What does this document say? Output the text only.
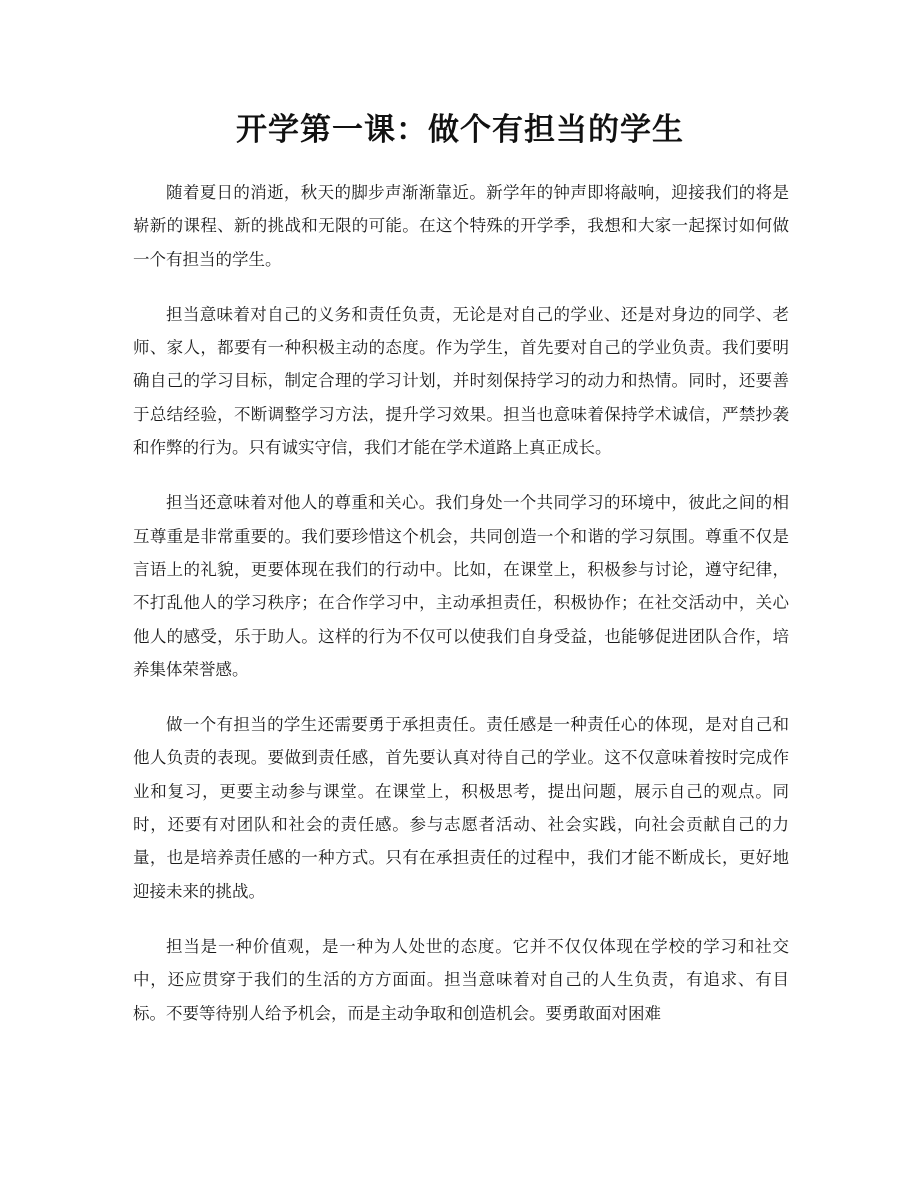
开学第一课：做个有担当的学生

随着夏日的消逝，秋天的脚步声渐渐靠近。新学年的钟声即将敲响，迎接我们的将是崭新的课程、新的挑战和无限的可能。在这个特殊的开学季，我想和大家一起探讨如何做一个有担当的学生。

担当意味着对自己的义务和责任负责，无论是对自己的学业、还是对身边的同学、老师、家人，都要有一种积极主动的态度。作为学生，首先要对自己的学业负责。我们要明确自己的学习目标，制定合理的学习计划，并时刻保持学习的动力和热情。同时，还要善于总结经验，不断调整学习方法，提升学习效果。担当也意味着保持学术诚信，严禁抄袭和作弊的行为。只有诚实守信，我们才能在学术道路上真正成长。

担当还意味着对他人的尊重和关心。我们身处一个共同学习的环境中，彼此之间的相互尊重是非常重要的。我们要珍惜这个机会，共同创造一个和谐的学习氛围。尊重不仅是言语上的礼貌，更要体现在我们的行动中。比如，在课堂上，积极参与讨论，遵守纪律，不打乱他人的学习秩序；在合作学习中，主动承担责任，积极协作；在社交活动中，关心他人的感受，乐于助人。这样的行为不仅可以使我们自身受益，也能够促进团队合作，培养集体荣誉感。

做一个有担当的学生还需要勇于承担责任。责任感是一种责任心的体现，是对自己和他人负责的表现。要做到责任感，首先要认真对待自己的学业。这不仅意味着按时完成作业和复习，更要主动参与课堂。在课堂上，积极思考，提出问题，展示自己的观点。同时，还要有对团队和社会的责任感。参与志愿者活动、社会实践，向社会贡献自己的力量，也是培养责任感的一种方式。只有在承担责任的过程中，我们才能不断成长，更好地迎接未来的挑战。

担当是一种价值观，是一种为人处世的态度。它并不仅仅体现在学校的学习和社交中，还应贯穿于我们的生活的方方面面。担当意味着对自己的人生负责，有追求、有目标。不要等待别人给予机会，而是主动争取和创造机会。要勇敢面对困难
